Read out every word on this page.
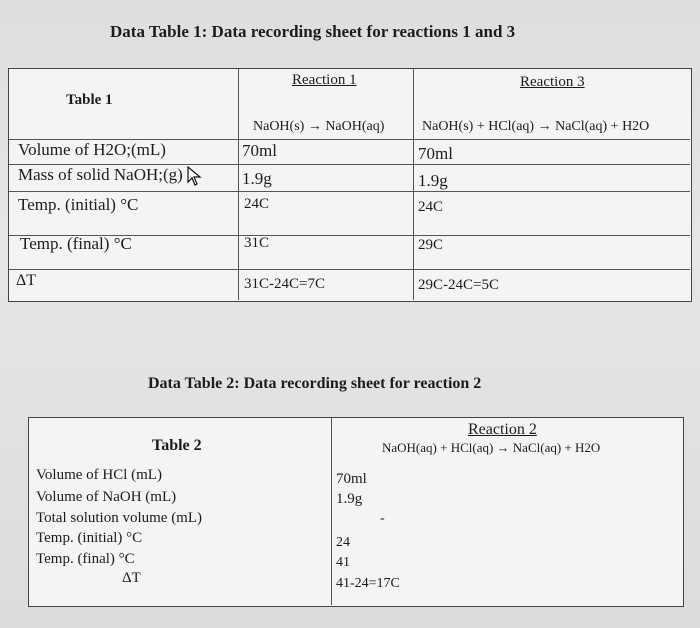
Data Table 1: Data recording sheet for reactions 1 and 3
Table 1
Reaction 1	Reaction 3
NaOH(s) → NaOH(aq)	NaOH(s) + HCl(aq) → NaCl(aq) + H2O
Volume of H2O;(mL)
Mass of solid NaOH;(g)
Temp. (initial) °C
Temp. (final) °C
ΔT
70ml
1.9g
24C
31C
31C-24C=7C
70ml
1.9g
24C
29C
29C-24C=5C
Data Table 2: Data recording sheet for reaction 2
Table 2
Reaction 2
NaOH(aq) + HCl(aq) → NaCl(aq) + H2O
Volume of HCl (mL)
Volume of NaOH (mL)
Total solution volume (mL)
Temp. (initial) °C
Temp. (final) °C
ΔT
70ml
1.9g
-
24
41
41-24=17C
